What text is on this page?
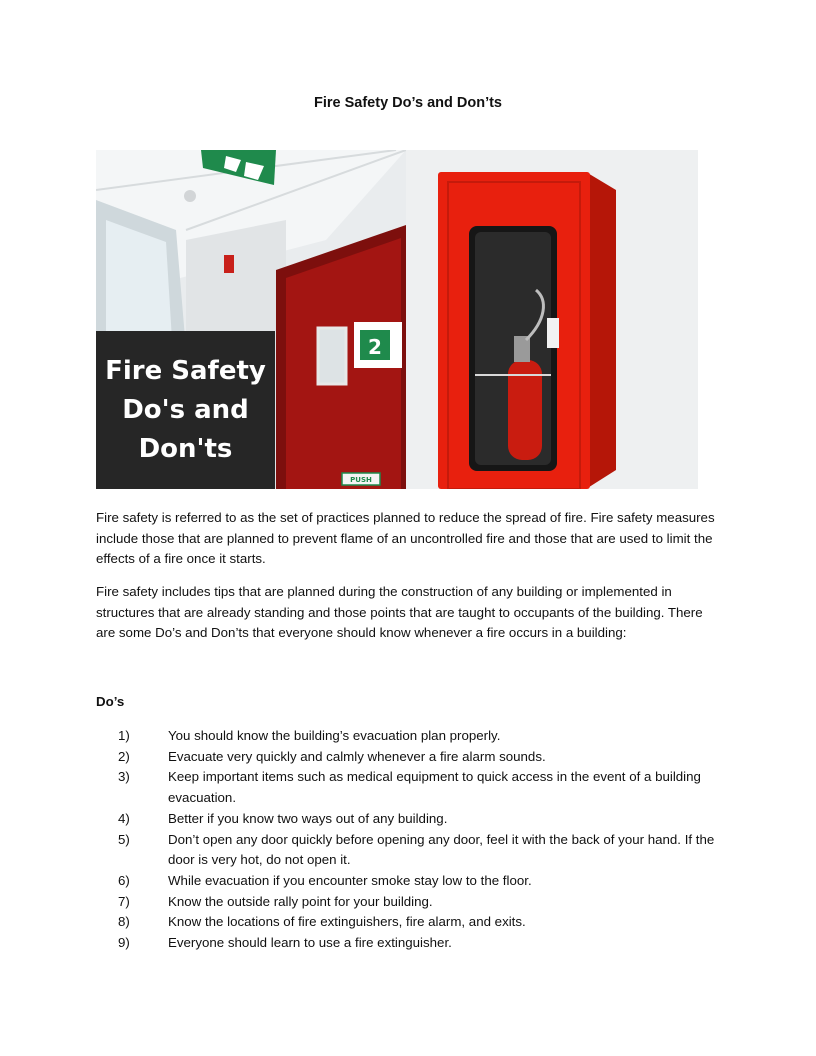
Fire Safety Do’s and Don’ts
2
PUSH
Fire Safety
Do's and
Don'ts

Fire safety is referred to as the set of practices planned to reduce the spread of fire. Fire safety measures include those that are planned to prevent flame of an uncontrolled fire and those that are used to limit the effects of a fire once it starts.

Fire safety includes tips that are planned during the construction of any building or implemented in structures that are already standing and those points that are taught to occupants of the building. There are some Do’s and Don’ts that everyone should know whenever a fire occurs in a building:

Do’s
1)	You should know the building’s evacuation plan properly.
2)	Evacuate very quickly and calmly whenever a fire alarm sounds.
3)	Keep important items such as medical equipment to quick access in the event of a building evacuation.
4)	Better if you know two ways out of any building.
5)	Don’t open any door quickly before opening any door, feel it with the back of your hand. If the door is very hot, do not open it.
6)	While evacuation if you encounter smoke stay low to the floor.
7)	Know the outside rally point for your building.
8)	Know the locations of fire extinguishers, fire alarm, and exits.
9)	Everyone should learn to use a fire extinguisher.
